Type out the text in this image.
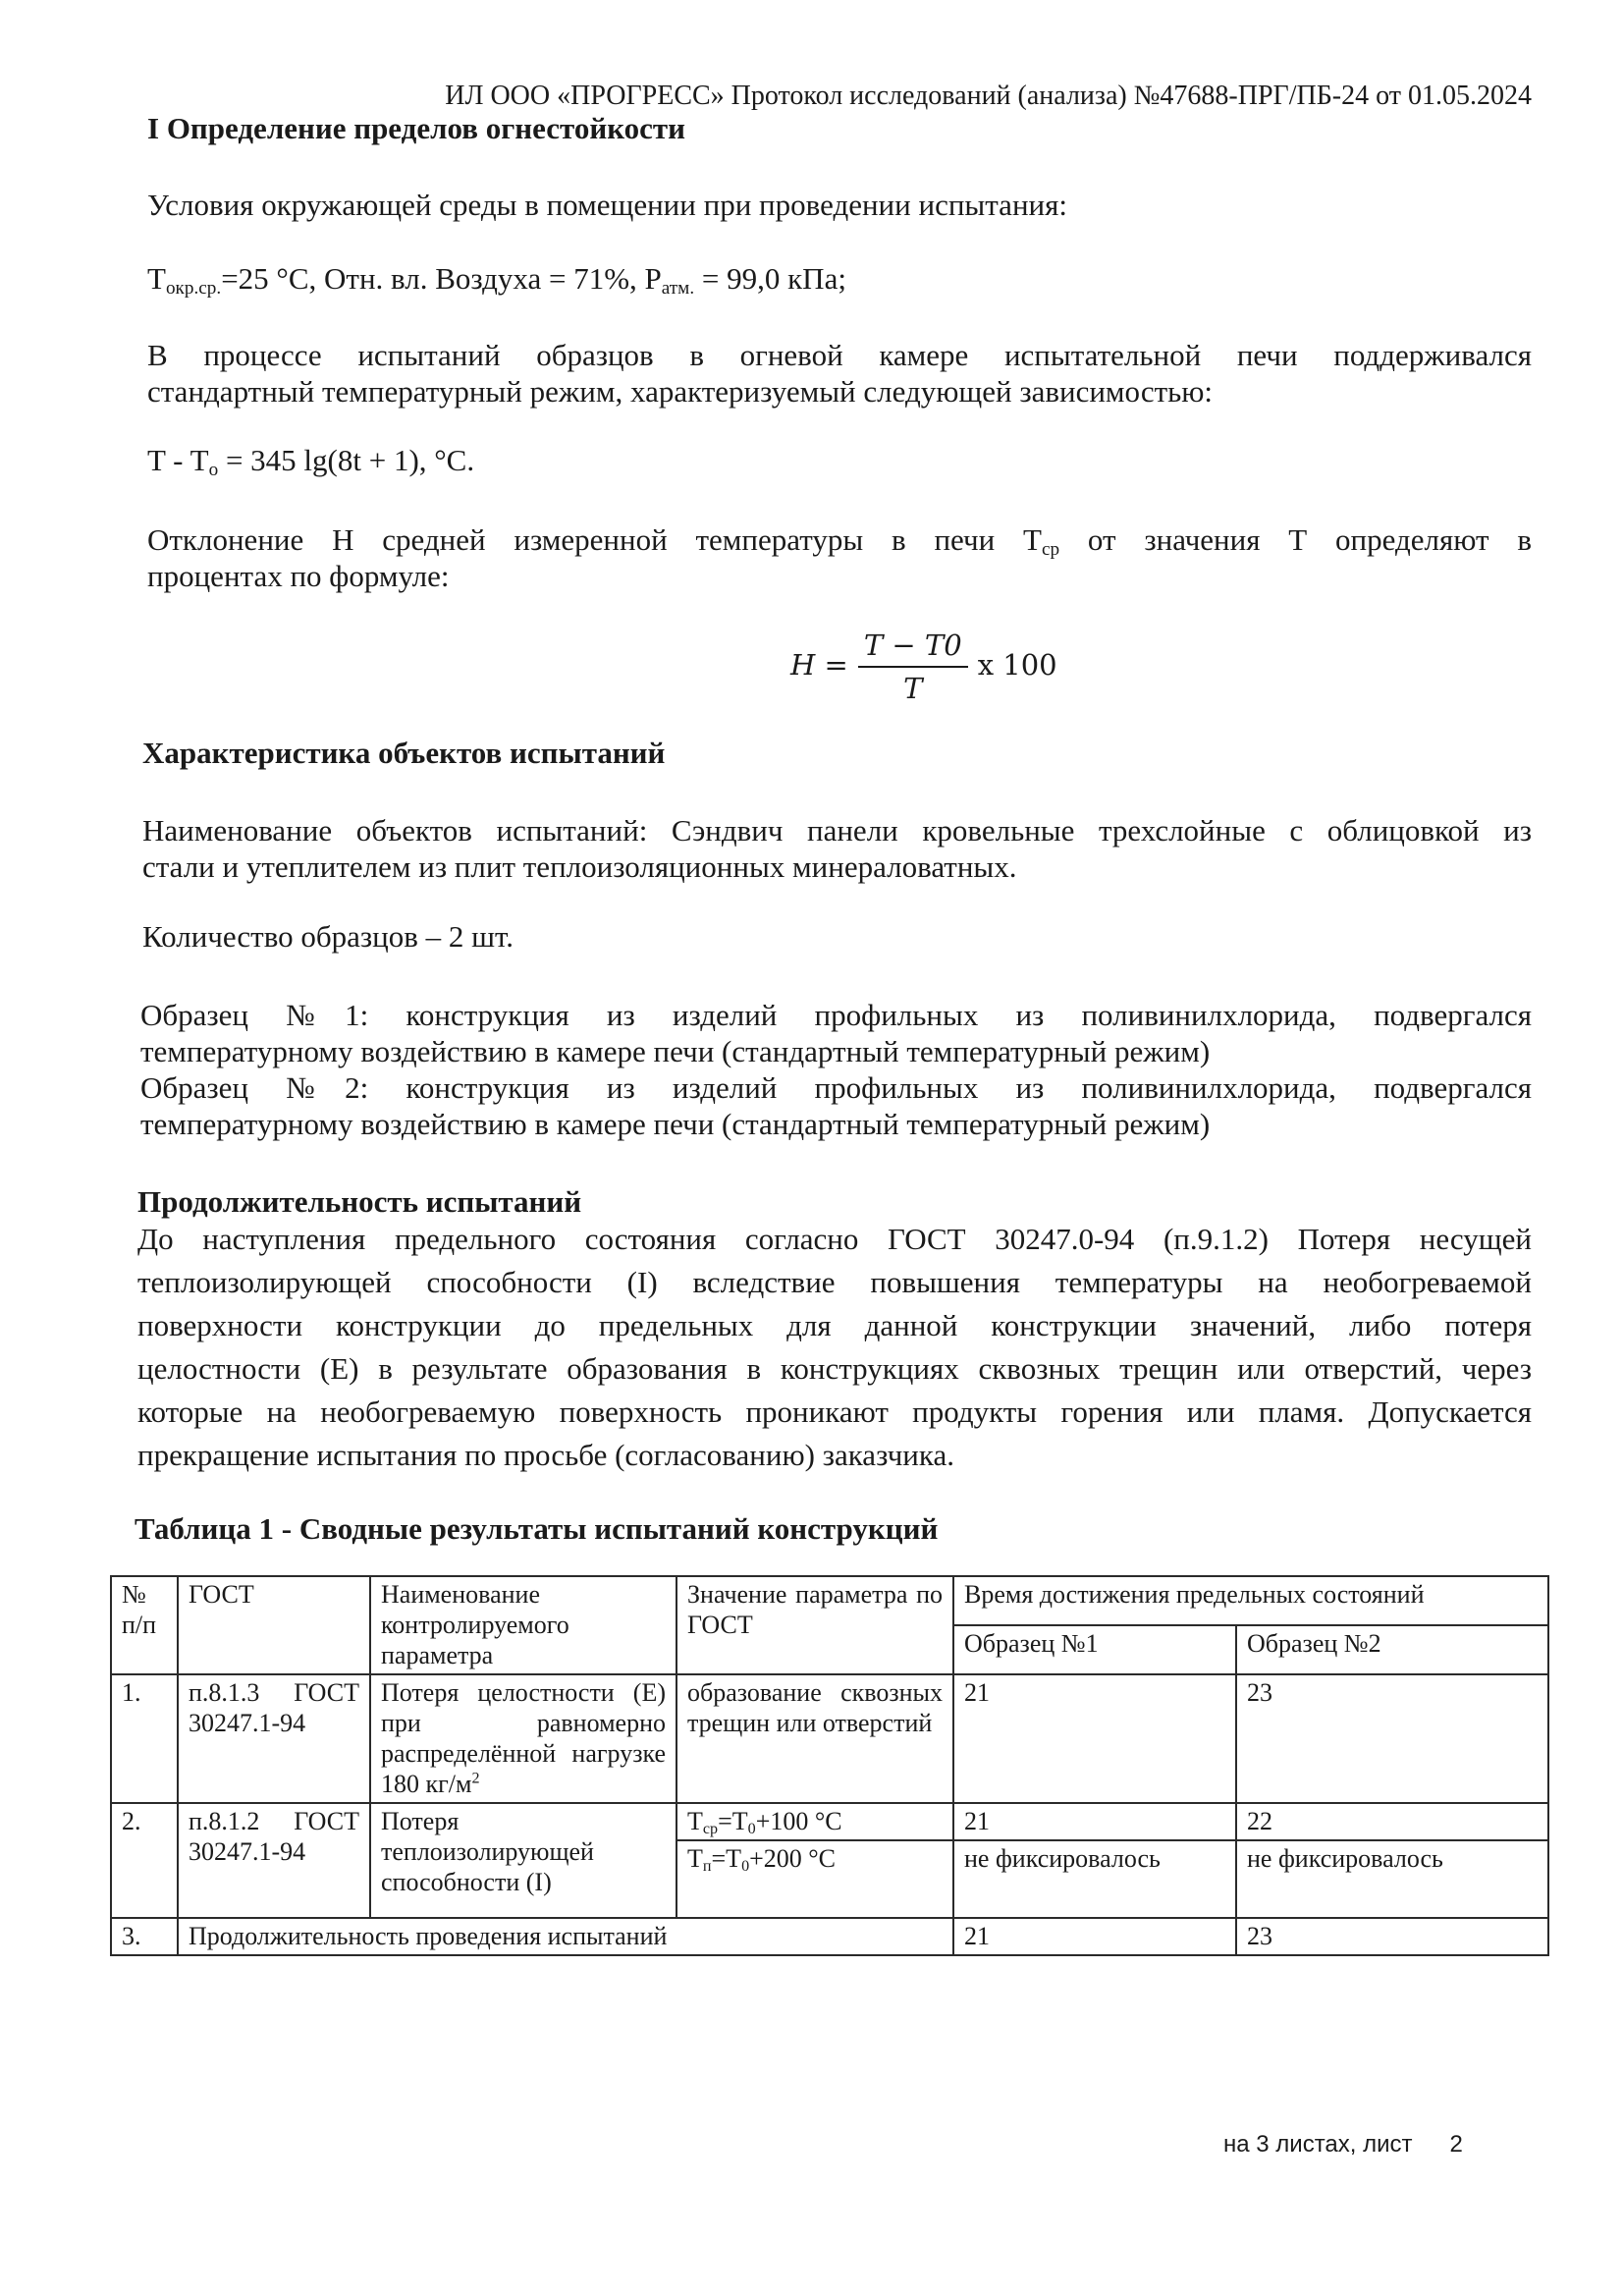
ИЛ ООО «ПРОГРЕСС» Протокол исследований (анализа) №47688-ПРГ/ПБ-24 от 01.05.2024
I Определение пределов огнестойкости
Условия окружающей среды в помещении при проведении испытания:
$Т_{окр.ср.}=25$ °С, Отн. вл. Воздуха = 71%, $Р_{атм.} = 99,0$ кПа;
В процессе испытаний образцов в огневой камере испытательной печи поддерживался
стандартный температурный режим, характеризуемый следующей зависимостью:
$T - T_o = 345$ lg(8t + 1), °C.
Отклонение Н средней измеренной температуры в печи $T_{ср}$ от значения Т определяют в
процентах по формуле:
$H = \frac{T - T0}{T}$ x 100
Характеристика объектов испытаний
Наименование объектов испытаний: Сэндвич панели кровельные трехслойные с облицовкой из
стали и утеплителем из плит теплоизоляционных минераловатных.
Количество образцов – 2 шт.
Образец №1: конструкция из изделий профильных из поливинилхлорида, подвергался
температурному воздействию в камере печи (стандартный температурный режим)
Образец №2: конструкция из изделий профильных из поливинилхлорида, подвергался
температурному воздействию в камере печи (стандартный температурный режим)
Продолжительность испытаний
До наступления предельного состояния согласно ГОСТ 30247.0-94 (п.9.1.2) Потеря несущей
теплоизолирующей способности (I) вследствие повышения температуры на необогреваемой
поверхности конструкции до предельных для данной конструкции значений, либо потеря
целостности (Е) в результате образования в конструкциях сквозных трещин или отверстий, через
которые на необогреваемую поверхность проникают продукты горения или пламя. Допускается
прекращение испытания по просьбе (согласованию) заказчика.
Таблица 1 - Сводные результаты испытаний конструкций
№ п/п	ГОСТ	Наименование контролируемого параметра	Значение параметра по ГОСТ	Время достижения предельных состояний	
				Образец №1	Образец №2
1.	п.8.1.3 ГОСТ 30247.1-94	Потеря целостности (Е) при равномерно распределённой нагрузке 180 $кг/м^2$	образование сквозных трещин или отверстий	21	23
2.	п.8.1.2 ГОСТ 30247.1-94	Потеря теплоизолирующей способности (I)	$T_{ср}=T_0+100$ °С	21	22
			$T_п=T_0+200$ °С	не фиксировалось	не фиксировалось
3.	Продолжительность проведения испытаний			21	23
на 3 листах, лист 2
